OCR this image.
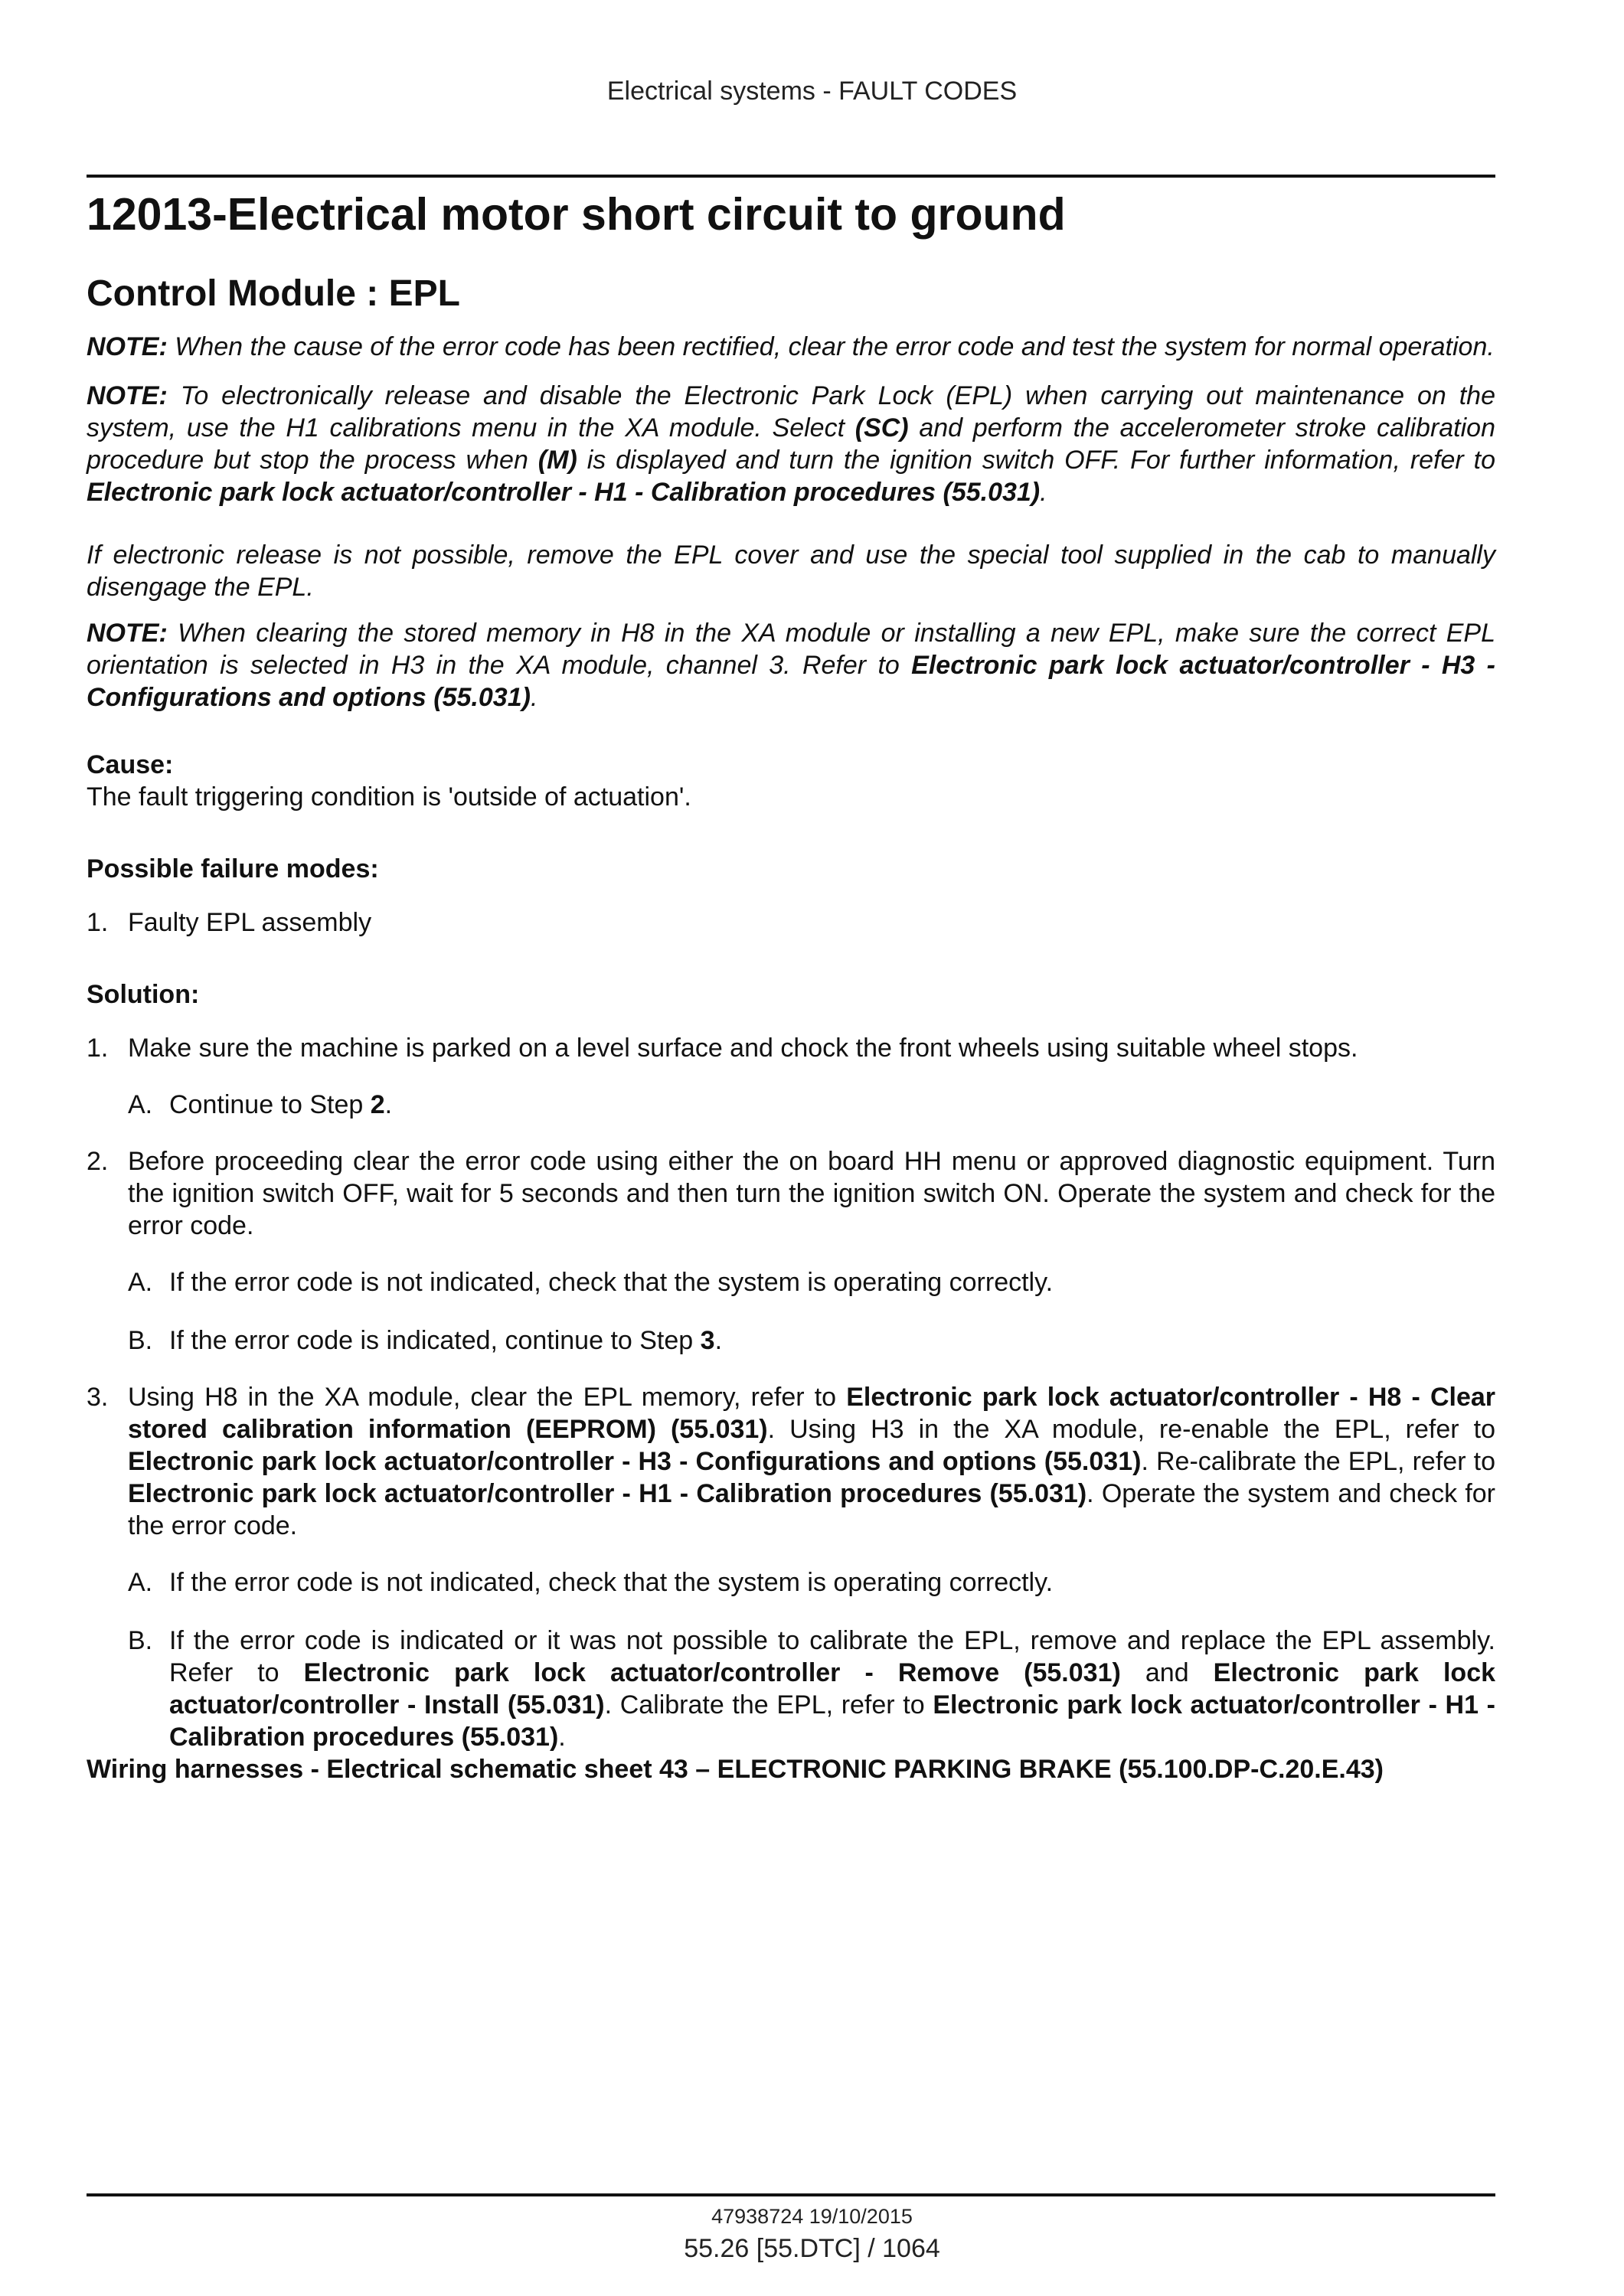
Electrical systems - FAULT CODES
12013-Electrical motor short circuit to ground
Control Module : EPL

NOTE: When the cause of the error code has been rectified, clear the error code and test the system for normal operation.

NOTE: To electronically release and disable the Electronic Park Lock (EPL) when carrying out maintenance on the system, use the H1 calibrations menu in the XA module. Select (SC) and perform the accelerometer stroke calibration procedure but stop the process when (M) is displayed and turn the ignition switch OFF. For further information, refer to Electronic park lock actuator/controller - H1 - Calibration procedures (55.031).

If electronic release is not possible, remove the EPL cover and use the special tool supplied in the cab to manually disengage the EPL.

NOTE: When clearing the stored memory in H8 in the XA module or installing a new EPL, make sure the correct EPL orientation is selected in H3 in the XA module, channel 3. Refer to Electronic park lock actuator/controller - H3 - Configurations and options (55.031).

Cause:

The fault triggering condition is 'outside of actuation'.

Possible failure modes:

1. Faulty EPL assembly

Solution:

1. Make sure the machine is parked on a level surface and chock the front wheels using suitable wheel stops.
A. Continue to Step 2.
2. Before proceeding clear the error code using either the on board HH menu or approved diagnostic equipment. Turn the ignition switch OFF, wait for 5 seconds and then turn the ignition switch ON. Operate the system and check for the error code.
A. If the error code is not indicated, check that the system is operating correctly.
B. If the error code is indicated, continue to Step 3.
3. Using H8 in the XA module, clear the EPL memory, refer to Electronic park lock actuator/controller - H8 - Clear stored calibration information (EEPROM) (55.031). Using H3 in the XA module, re-enable the EPL, refer to Electronic park lock actuator/controller - H3 - Configurations and options (55.031). Re-calibrate the EPL, refer to Electronic park lock actuator/controller - H1 - Calibration procedures (55.031). Operate the system and check for the error code.
A. If the error code is not indicated, check that the system is operating correctly.
B. If the error code is indicated or it was not possible to calibrate the EPL, remove and replace the EPL assembly. Refer to Electronic park lock actuator/controller - Remove (55.031) and Electronic park lock actuator/controller - Install (55.031). Calibrate the EPL, refer to Electronic park lock actuator/controller - H1 - Calibration procedures (55.031).

Wiring harnesses - Electrical schematic sheet 43 – ELECTRONIC PARKING BRAKE (55.100.DP-C.20.E.43)

47938724 19/10/2015
55.26 [55.DTC] / 1064
